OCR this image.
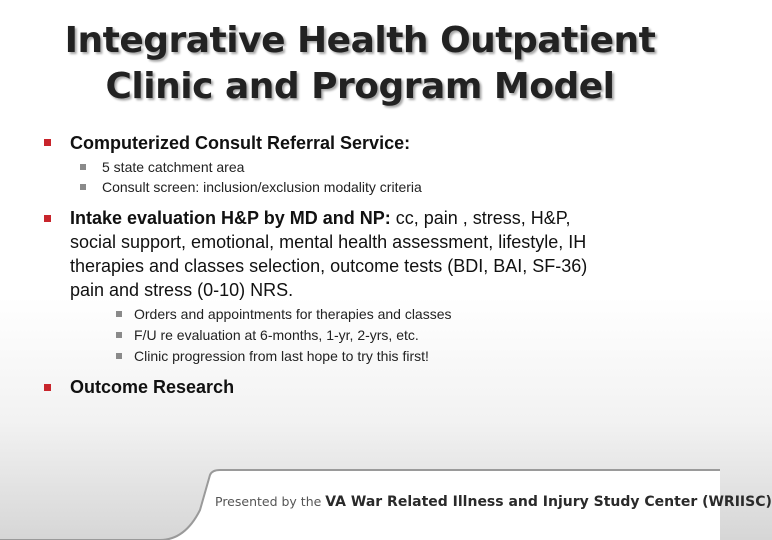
Integrative Health Outpatient
Clinic and Program Model
Computerized Consult Referral Service:
5 state catchment area
Consult screen: inclusion/exclusion modality criteria
Intake evaluation H&P by MD and NP: cc, pain , stress, H&P,
social support, emotional, mental health assessment, lifestyle, IH
therapies and classes selection, outcome tests (BDI, BAI, SF-36)
pain and stress (0-10) NRS.
Orders and appointments for therapies and classes
F/U re evaluation at 6-months, 1-yr, 2-yrs, etc.
Clinic progression from last hope to try this first!
Outcome Research
Presented by the VA War Related Illness and Injury Study Center (WRIISC)
